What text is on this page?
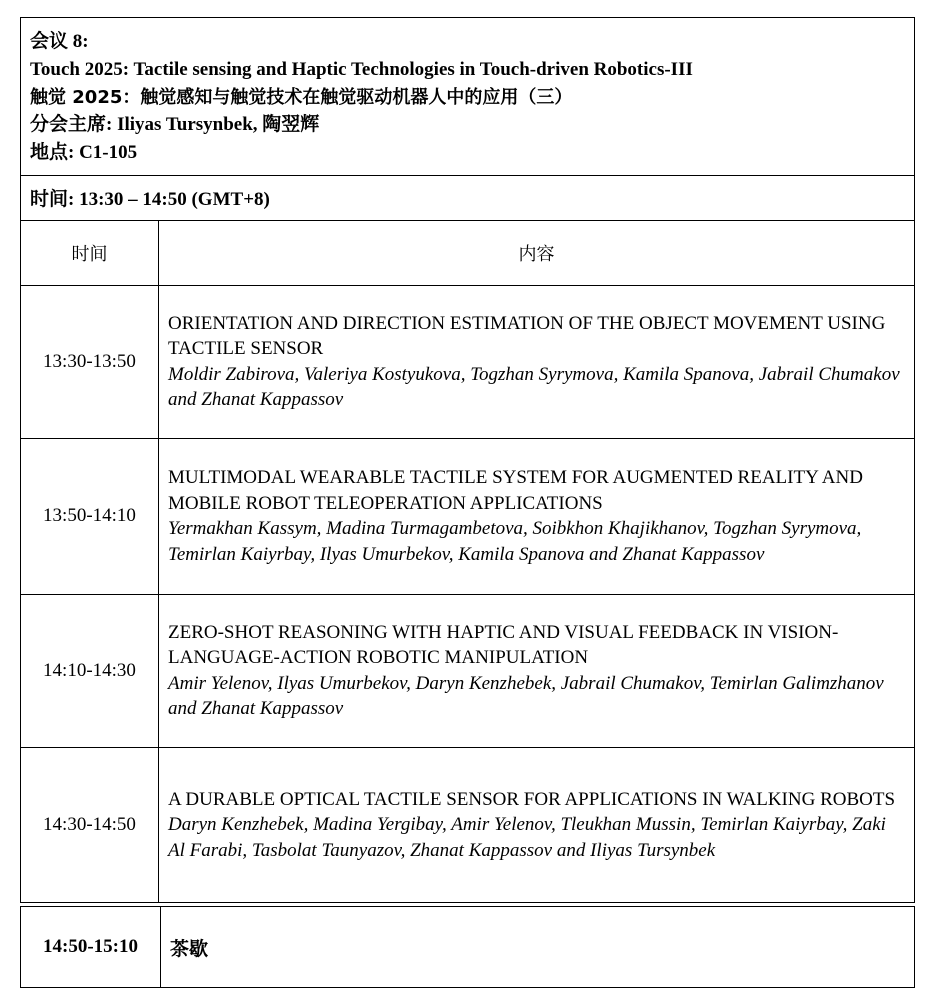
会议 8:
Touch 2025: Tactile sensing and Haptic Technologies in Touch-driven Robotics-III
触觉 2025：触觉感知与触觉技术在触觉驱动机器人中的应用（三）
分会主席: Iliyas Tursynbek, 陶翌辉
地点: C1-105	

时间: 13:30 – 14:50 (GMT+8)	
时间	内容
13:30-13:50	ORIENTATION AND DIRECTION ESTIMATION OF THE OBJECT MOVEMENT USING TACTILE SENSOR
Moldir Zabirova, Valeriya Kostyukova, Togzhan Syrymova, Kamila Spanova, Jabrail Chumakov and Zhanat Kappassov

13:50-14:10	MULTIMODAL WEARABLE TACTILE SYSTEM FOR AUGMENTED REALITY AND MOBILE ROBOT TELEOPERATION APPLICATIONS
Yermakhan Kassym, Madina Turmagambetova, Soibkhon Khajikhanov, Togzhan Syrymova, Temirlan Kaiyrbay, Ilyas Umurbekov, Kamila Spanova and Zhanat Kappassov

14:10-14:30	ZERO-SHOT REASONING WITH HAPTIC AND VISUAL FEEDBACK IN VISION-LANGUAGE-ACTION ROBOTIC MANIPULATION
Amir Yelenov, Ilyas Umurbekov, Daryn Kenzhebek, Jabrail Chumakov, Temirlan Galimzhanov and Zhanat Kappassov

14:30-14:50	A DURABLE OPTICAL TACTILE SENSOR FOR APPLICATIONS IN WALKING ROBOTS
Daryn Kenzhebek, Madina Yergibay, Amir Yelenov, Tleukhan Mussin, Temirlan Kaiyrbay, Zaki Al Farabi, Tasbolat Taunyazov, Zhanat Kappassov and Iliyas Tursynbek
14:50-15:10	茶歇
